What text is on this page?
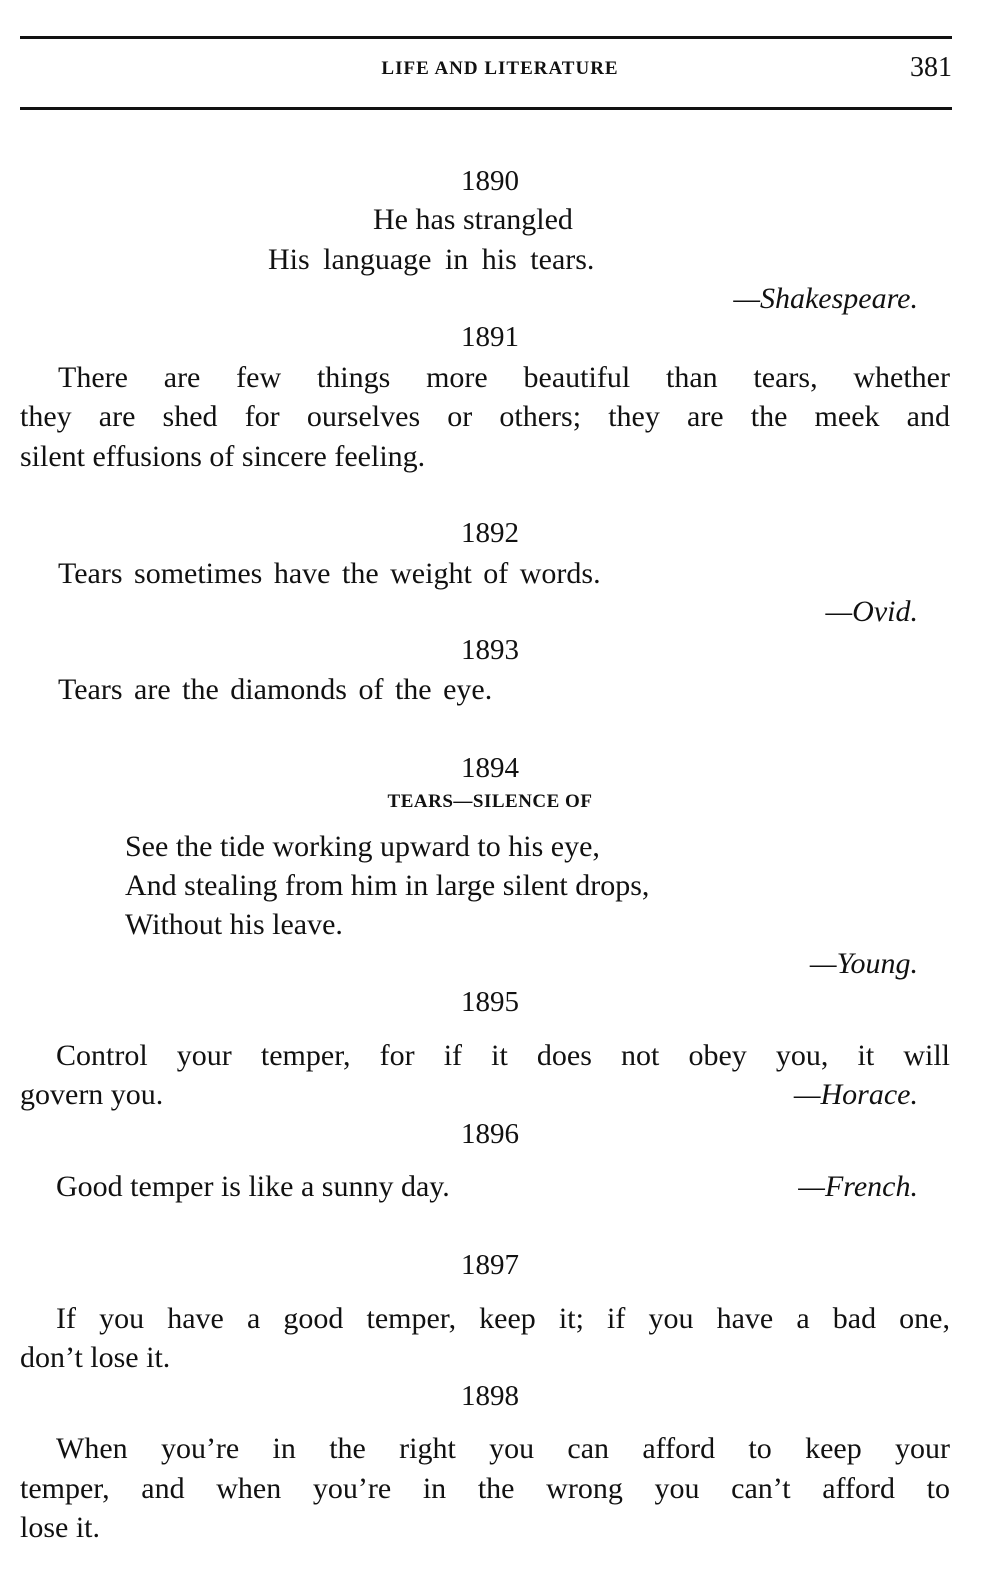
LIFE AND LITERATURE	381
1890
He has strangled
His language in his tears.
—Shakespeare.
1891
There are few things more beautiful than tears, whether
they are shed for ourselves or others; they are the meek and
silent effusions of sincere feeling.
1892
Tears sometimes have the weight of words.
—Ovid.
1893
Tears are the diamonds of the eye.
1894
TEARS—SILENCE OF
See the tide working upward to his eye,
And stealing from him in large silent drops,
Without his leave.
—Young.
1895
Control your temper, for if it does not obey you, it will
govern you.	—Horace.
1896
Good temper is like a sunny day.	—French.
1897
If you have a good temper, keep it; if you have a bad one,
don’t lose it.
1898
When you’re in the right you can afford to keep your
temper, and when you’re in the wrong you can’t afford to
lose it.
